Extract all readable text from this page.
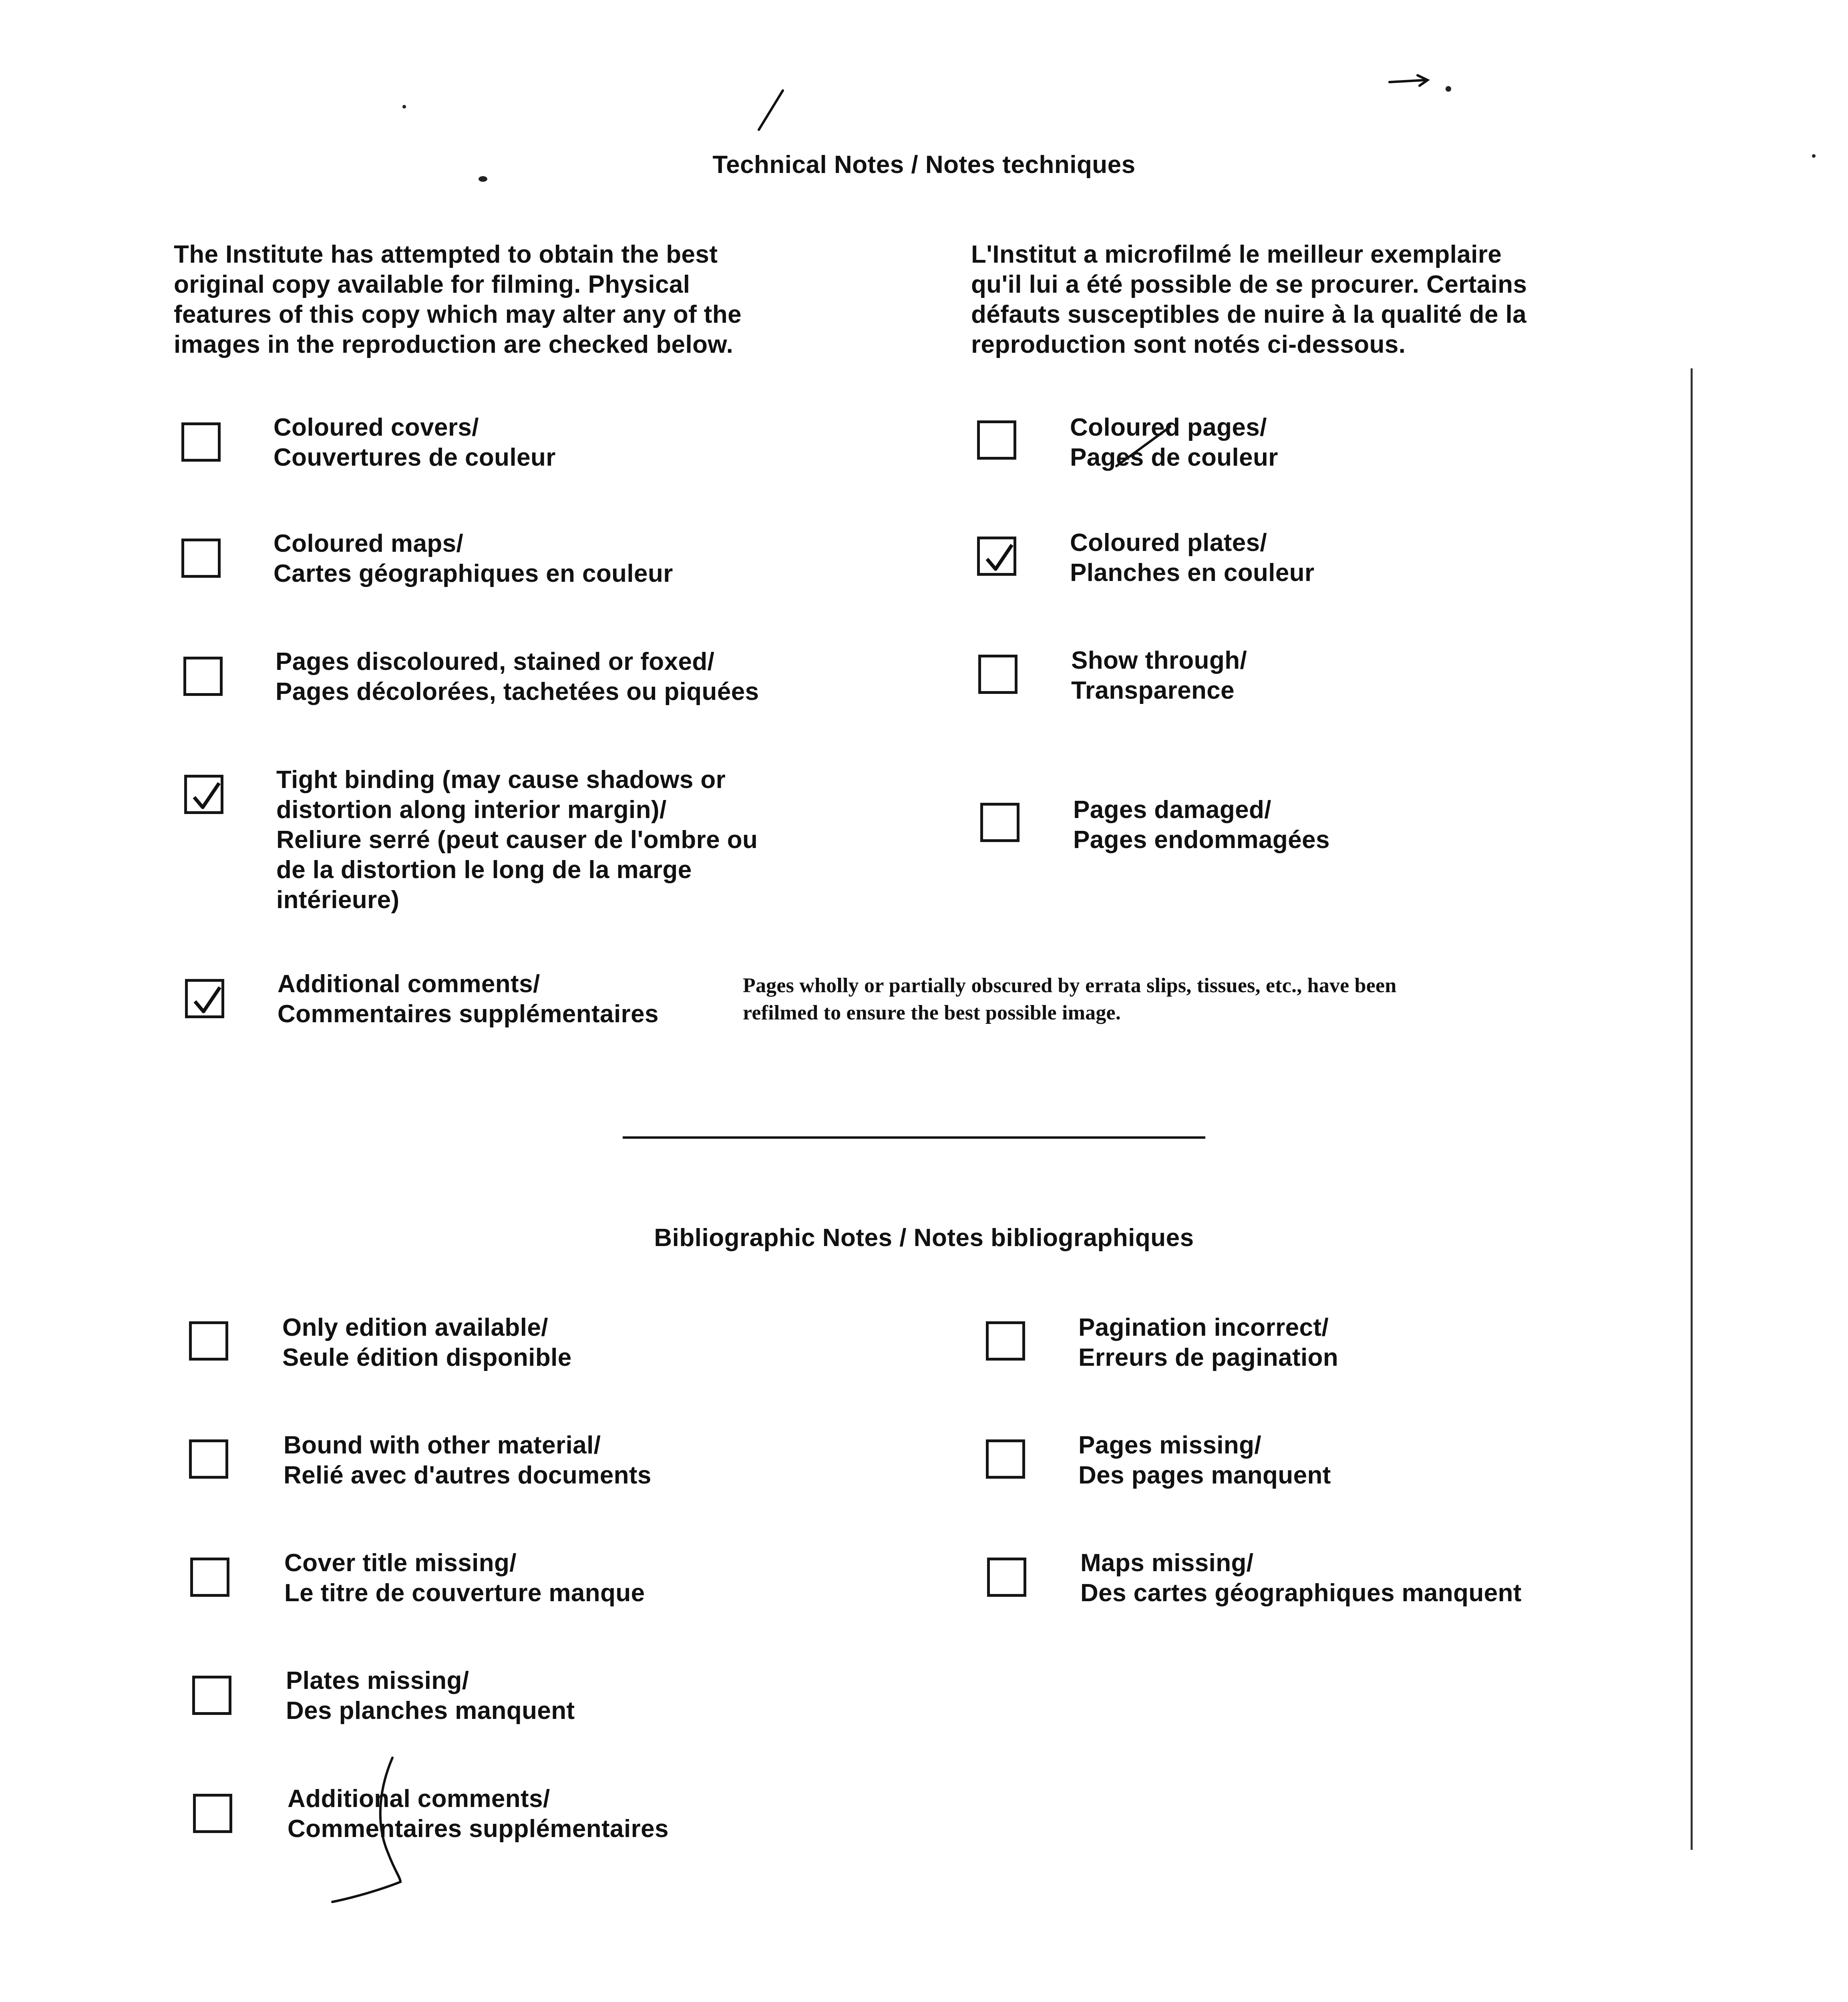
Technical Notes / Notes techniques
The Institute has attempted to obtain the best
original copy available for filming. Physical
features of this copy which may alter any of the
images in the reproduction are checked below.
L'Institut a microfilmé le meilleur exemplaire
qu'il lui a été possible de se procurer. Certains
défauts susceptibles de nuire à la qualité de la
reproduction sont notés ci-dessous.
Coloured covers/
Couvertures de couleur
Coloured maps/
Cartes géographiques en couleur
Pages discoloured, stained or foxed/
Pages décolorées, tachetées ou piquées
Tight binding (may cause shadows or
distortion along interior margin)/
Reliure serré (peut causer de l'ombre ou
de la distortion le long de la marge
intérieure)
Additional comments/
Commentaires supplémentaires
Pages wholly or partially obscured by errata slips, tissues, etc., have been
refilmed to ensure the best possible image.
Coloured pages/
Pages de couleur
Coloured plates/
Planches en couleur
Show through/
Transparence
Pages damaged/
Pages endommagées
Bibliographic Notes / Notes bibliographiques
Only edition available/
Seule édition disponible
Pagination incorrect/
Erreurs de pagination
Bound with other material/
Relié avec d'autres documents
Pages missing/
Des pages manquent
Cover title missing/
Le titre de couverture manque
Maps missing/
Des cartes géographiques manquent
Plates missing/
Des planches manquent
Additional comments/
Commentaires supplémentaires
